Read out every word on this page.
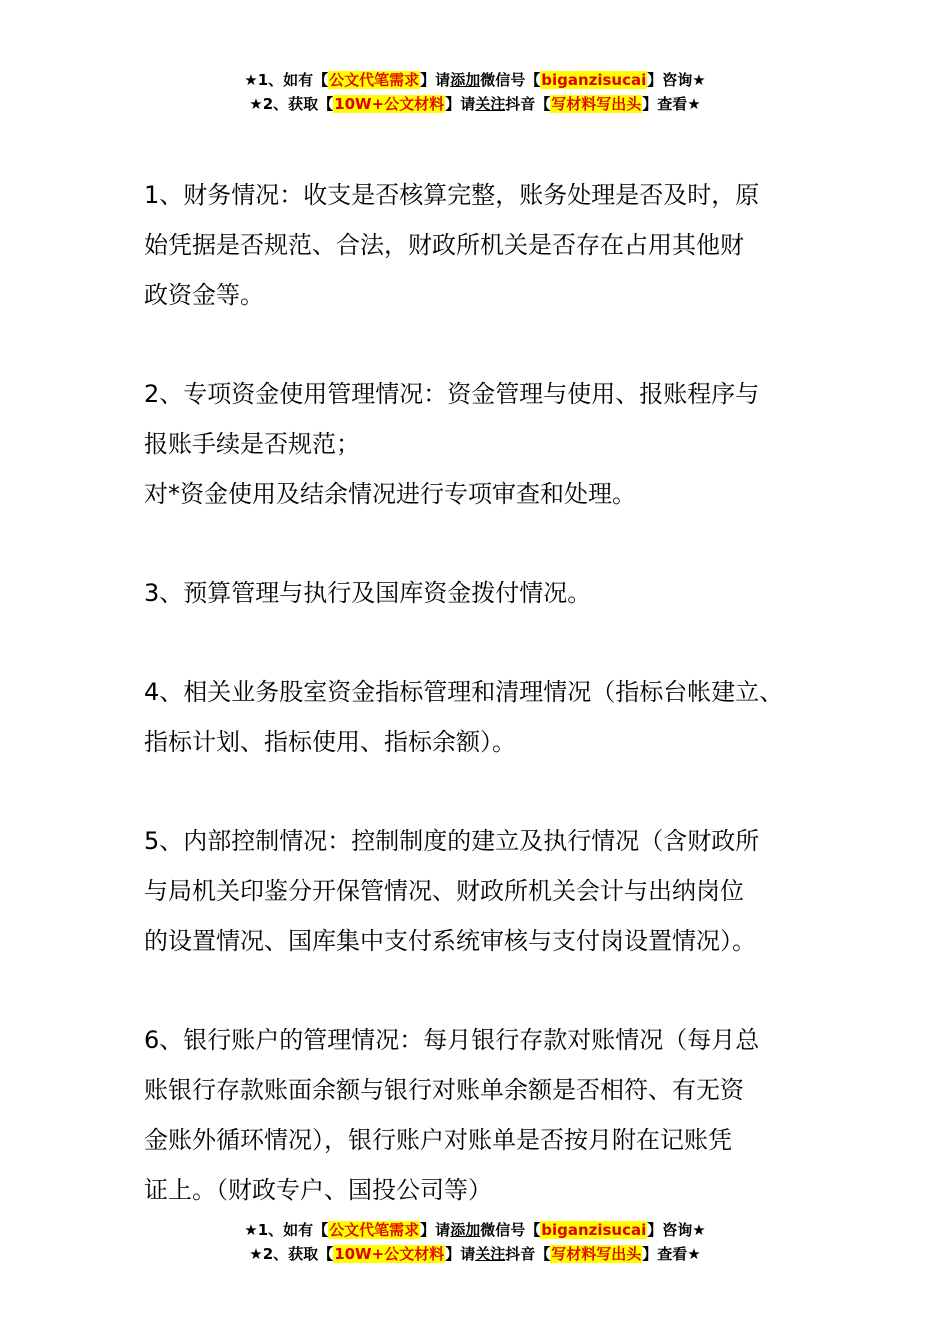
★1、如有【公文代笔需求】请添加微信号【biganzisucai】咨询★
★2、获取【10W+公文材料】请关注抖音【写材料写出头】查看★

1、财务情况：收支是否核算完整，账务处理是否及时，原
始凭据是否规范、合法，财政所机关是否存在占用其他财
政资金等。

2、专项资金使用管理情况：资金管理与使用、报账程序与
报账手续是否规范；
对*资金使用及结余情况进行专项审查和处理。

3、预算管理与执行及国库资金拨付情况。

4、相关业务股室资金指标管理和清理情况（指标台帐建立、
指标计划、指标使用、指标余额）。

5、内部控制情况：控制制度的建立及执行情况（含财政所
与局机关印鉴分开保管情况、财政所机关会计与出纳岗位
的设置情况、国库集中支付系统审核与支付岗设置情况）。

6、银行账户的管理情况：每月银行存款对账情况（每月总
账银行存款账面余额与银行对账单余额是否相符、有无资
金账外循环情况），银行账户对账单是否按月附在记账凭
证上。（财政专户、国投公司等）

★1、如有【公文代笔需求】请添加微信号【biganzisucai】咨询★
★2、获取【10W+公文材料】请关注抖音【写材料写出头】查看★
